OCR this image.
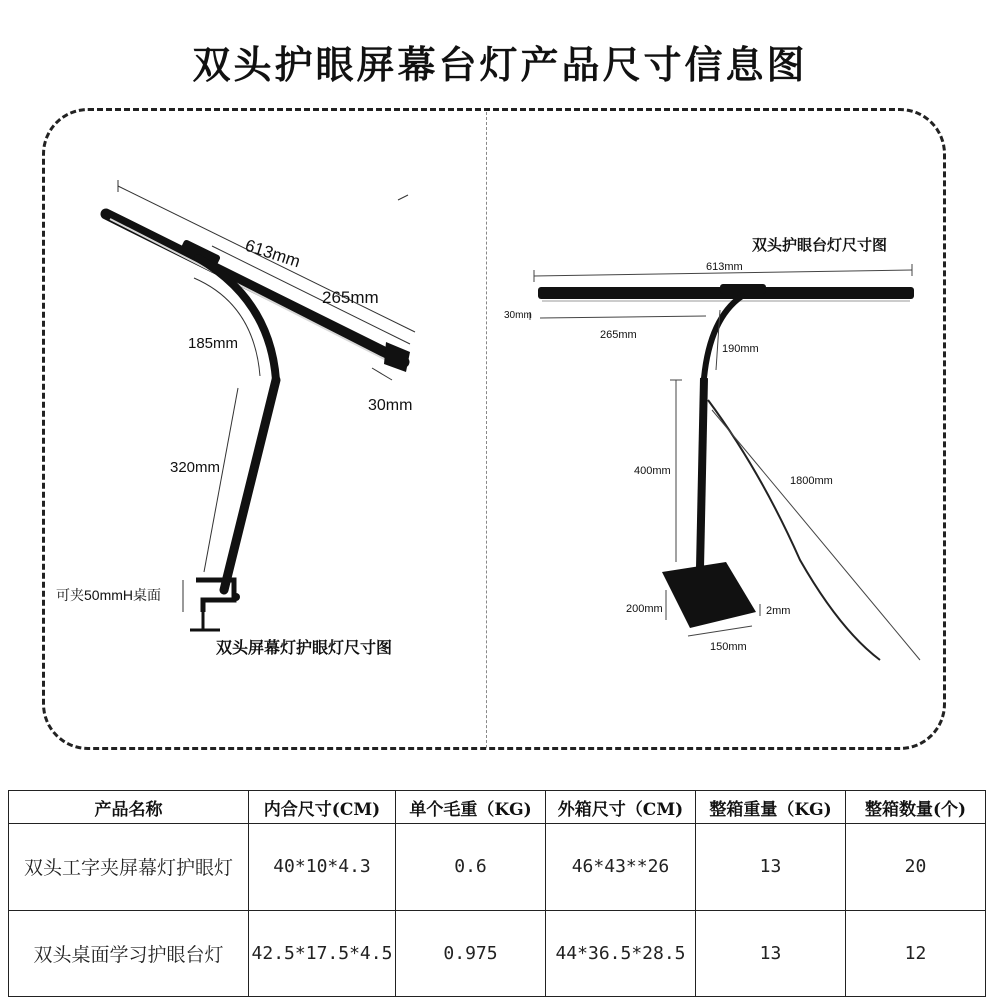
双头护眼屏幕台灯产品尺寸信息图
613mm
265mm
30mm
185mm
320mm
可夹50mmH桌面
双头屏幕灯护眼灯尺寸图
双头护眼台灯尺寸图
613mm
30mm
265mm
190mm
400mm
1800mm
200mm	2mm
150mm
产品名称	内合尺寸(CM)	单个毛重（KG)	外箱尺寸（CM)	整箱重量（KG)	整箱数量(个)
双头工字夹屏幕灯护眼灯	40*10*4.3	0.6	46*43**26	13	20
双头桌面学习护眼台灯	42.5*17.5*4.5	0.975	44*36.5*28.5	13	12
